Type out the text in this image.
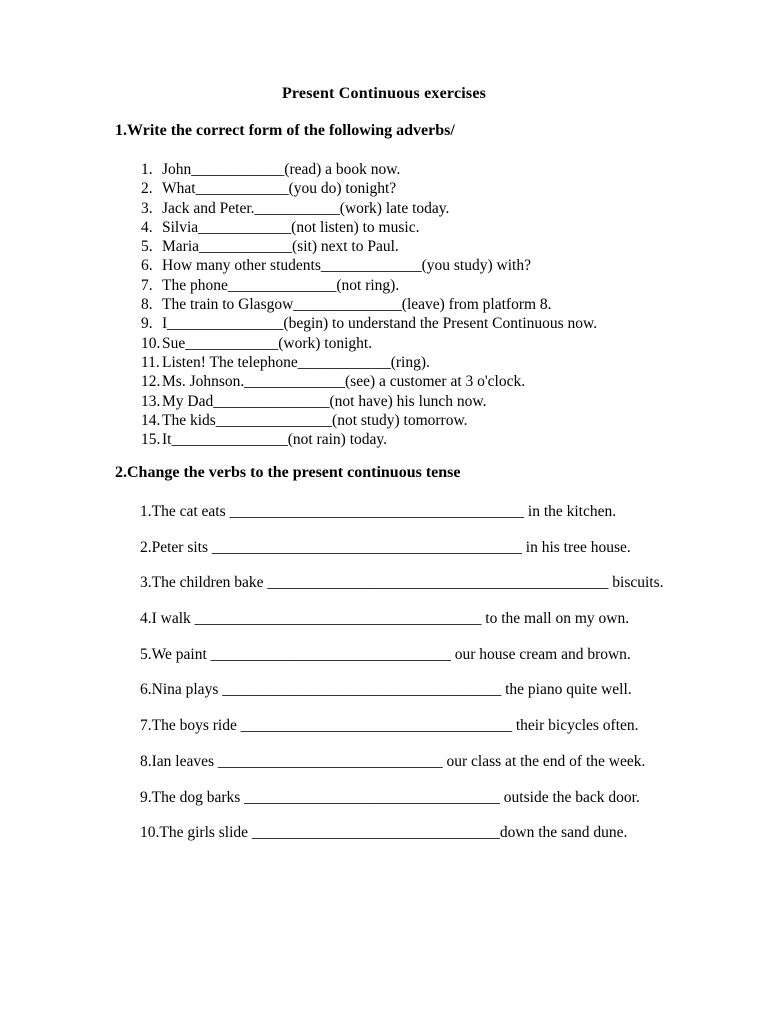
Present Continuous exercises
1.Write the correct form of the following adverbs/
1. John____________(read) a book now.
2. What____________(you do) tonight?
3. Jack and Peter.___________(work) late today.
4. Silvia____________(not listen) to music.
5. Maria____________(sit) next to Paul.
6. How many other students_____________(you study) with?
7. The phone______________(not ring).
8. The train to Glasgow______________(leave) from platform 8.
9. I_______________(begin) to understand the Present Continuous now.
10. Sue____________(work) tonight.
11. Listen! The telephone____________(ring).
12. Ms. Johnson._____________(see) a customer at 3 o'clock.
13. My Dad_______________(not have) his lunch now.
14. The kids_______________(not study) tomorrow.
15. It_______________(not rain) today.
2.Change the verbs to the present continuous tense
1.The cat eats ______________________________________ in the kitchen.
2.Peter sits ________________________________________ in his tree house.
3.The children bake ____________________________________________ biscuits.
4.I walk _____________________________________ to the mall on my own.
5.We paint _______________________________ our house cream and brown.
6.Nina plays ____________________________________ the piano quite well.
7.The boys ride ___________________________________ their bicycles often.
8.Ian leaves _____________________________ our class at the end of the week.
9.The dog barks _________________________________ outside the back door.
10.The girls slide ________________________________down the sand dune.
